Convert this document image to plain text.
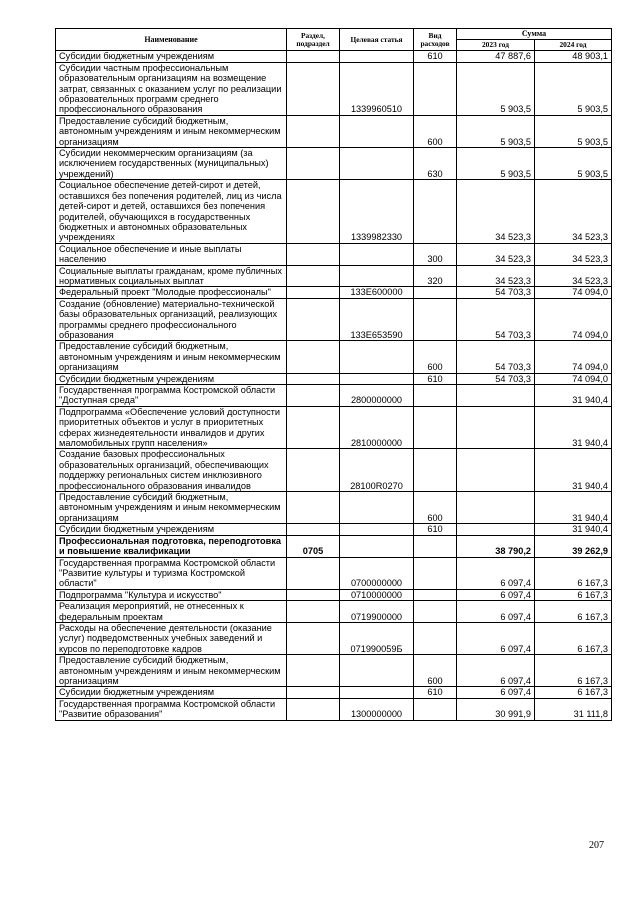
Наименование	Раздел, подраздел	Целевая статья	Вид расходов	Сумма	
				2023 год	2024 год
Субсидии бюджетным учреждениям			610	47 887,6	48 903,1
Субсидии частным профессиональным образовательным организациям на возмещение затрат, связанных с оказанием услуг по реализации образовательных программ среднего профессионального образования		1339960510		5 903,5	5 903,5
Предоставление субсидий бюджетным, автономным учреждениям и иным некоммерческим организациям			600	5 903,5	5 903,5
Субсидии некоммерческим организациям (за исключением государственных (муниципальных) учреждений)			630	5 903,5	5 903,5
Социальное обеспечение детей-сирот и детей, оставшихся без попечения родителей, лиц из числа детей-сирот и детей, оставшихся без попечения родителей, обучающихся в государственных бюджетных и автономных образовательных учреждениях		1339982330		34 523,3	34 523,3
Социальное обеспечение и иные выплаты населению			300	34 523,3	34 523,3
Социальные выплаты гражданам, кроме публичных нормативных социальных выплат			320	34 523,3	34 523,3
Федеральный проект "Молодые профессионалы"		133Е600000		54 703,3	74 094,0
Создание (обновление) материально-технической базы образовательных организаций, реализующих программы среднего профессионального образования		133Е653590		54 703,3	74 094,0
Предоставление субсидий бюджетным, автономным учреждениям и иным некоммерческим организациям			600	54 703,3	74 094,0
Субсидии бюджетным учреждениям			610	54 703,3	74 094,0
Государственная программа Костромской области "Доступная среда"		2800000000			31 940,4
Подпрограмма «Обеспечение условий доступности приоритетных объектов и услуг в приоритетных сферах жизнедеятельности инвалидов и других маломобильных групп населения»		2810000000			31 940,4
Создание базовых профессиональных образовательных организаций, обеспечивающих поддержку региональных систем инклюзивного профессионального образования инвалидов		28100R0270			31 940,4
Предоставление субсидий бюджетным, автономным учреждениям и иным некоммерческим организациям			600		31 940,4
Субсидии бюджетным учреждениям			610		31 940,4
Профессиональная подготовка, переподготовка и повышение квалификации	0705			38 790,2	39 262,9
Государственная программа Костромской области "Развитие культуры и туризма Костромской области"		0700000000		6 097,4	6 167,3
Подпрограмма "Культура и искусство"		0710000000		6 097,4	6 167,3
Реализация мероприятий, не отнесенных к федеральным проектам		0719900000		6 097,4	6 167,3
Расходы на обеспечение деятельности (оказание услуг) подведомственных учебных заведений и курсов по переподготовке кадров		071990059Б		6 097,4	6 167,3
Предоставление субсидий бюджетным, автономным учреждениям и иным некоммерческим организациям			600	6 097,4	6 167,3
Субсидии бюджетным учреждениям			610	6 097,4	6 167,3
Государственная программа Костромской области "Развитие образования"		1300000000		30 991,9	31 111,8
207
